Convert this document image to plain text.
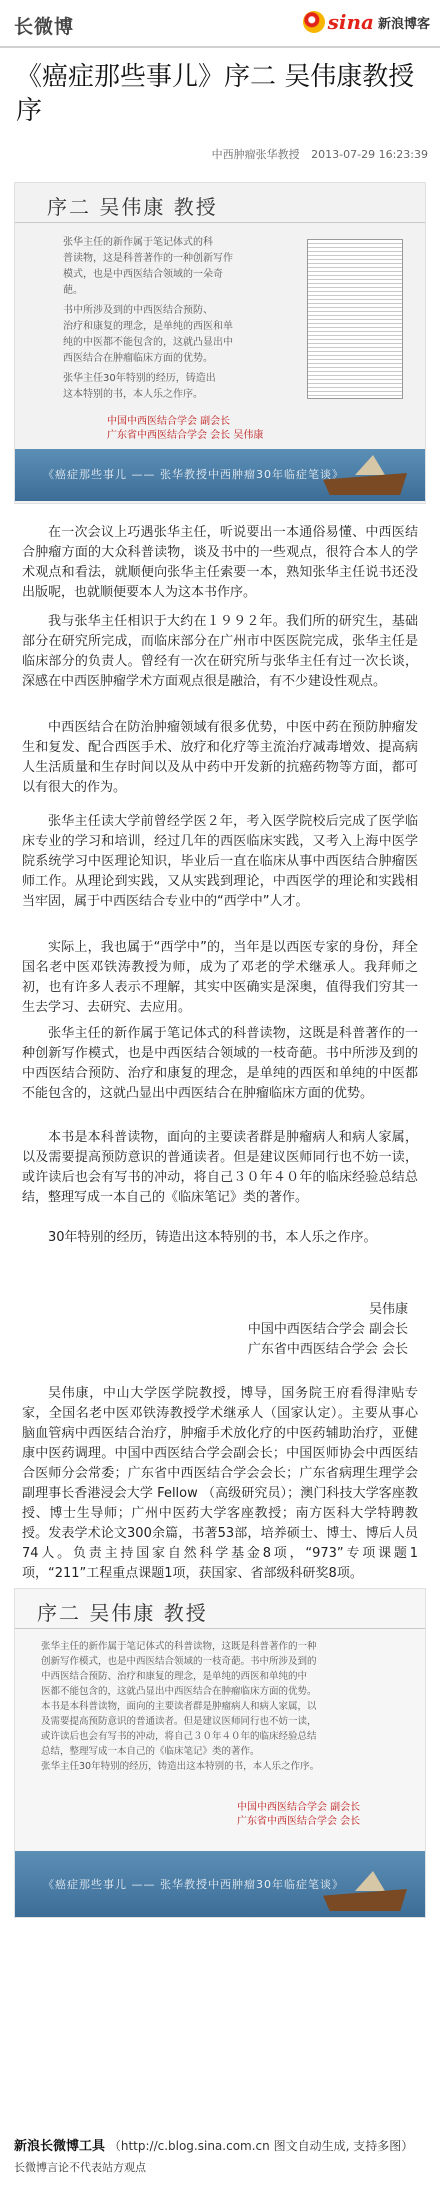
长微博	sina 新浪博客
《癌症那些事儿》序二 吴伟康教授序
中西肿瘤张华教授 2013-07-29 16:23:39
序二 吴伟康 教授
张华主任的新作属于笔记体式的科
普读物，这是科普著作的一种创新写作
模式，也是中西医结合领域的一朵奇
葩。
书中所涉及到的中西医结合预防、
治疗和康复的理念，是单纯的西医和单
纯的中医都不能包含的，这就凸显出中
西医结合在肿瘤临床方面的优势。
张华主任30年特别的经历，铸造出
这本特别的书，本人乐之作序。
中国中西医结合学会 副会长
广东省中西医结合学会 会长 吴伟康
《癌症那些事儿 —— 张华教授中西肿瘤30年临症笔谈》

在一次会议上巧遇张华主任，听说要出一本通俗易懂、中西医结合肿瘤方面的大众科普读物，谈及书中的一些观点，很符合本人的学术观点和看法，就顺便向张华主任索要一本，熟知张华主任说书还没出版呢，也就顺便要本人为这本书作序。

我与张华主任相识于大约在１９９２年。我们所的研究生，基础部分在研究所完成，而临床部分在广州市中医医院完成，张华主任是临床部分的负责人。曾经有一次在研究所与张华主任有过一次长谈，深感在中西医肿瘤学术方面观点很是融洽，有不少建设性观点。

中西医结合在防治肿瘤领域有很多优势，中医中药在预防肿瘤发生和复发、配合西医手术、放疗和化疗等主流治疗减毒增效、提高病人生活质量和生存时间以及从中药中开发新的抗癌药物等方面，都可以有很大的作为。

张华主任读大学前曾经学医２年，考入医学院校后完成了医学临床专业的学习和培训，经过几年的西医临床实践，又考入上海中医学院系统学习中医理论知识，毕业后一直在临床从事中西医结合肿瘤医师工作。从理论到实践，又从实践到理论，中西医学的理论和实践相当牢固，属于中西医结合专业中的“西学中”人才。

实际上，我也属于“西学中”的，当年是以西医专家的身份，拜全国名老中医邓铁涛教授为师，成为了邓老的学术继承人。我拜师之初，也有许多人表示不理解，其实中医确实是深奥，值得我们穷其一生去学习、去研究、去应用。

张华主任的新作属于笔记体式的科普读物，这既是科普著作的一种创新写作模式，也是中西医结合领域的一枝奇葩。书中所涉及到的中西医结合预防、治疗和康复的理念，是单纯的西医和单纯的中医都不能包含的，这就凸显出中西医结合在肿瘤临床方面的优势。

本书是本科普读物，面向的主要读者群是肿瘤病人和病人家属，以及需要提高预防意识的普通读者。但是建议医师同行也不妨一读，或许读后也会有写书的冲动，将自己３０年４０年的临床经验总结总结，整理写成一本自己的《临床笔记》类的著作。

30年特别的经历，铸造出这本特别的书，本人乐之作序。

吴伟康
中国中西医结合学会 副会长
广东省中西医结合学会 会长

吴伟康，中山大学医学院教授，博导，国务院王府看得津贴专家，全国名老中医邓铁涛教授学术继承人（国家认定）。主要从事心脑血管病中西医结合治疗，肿瘤手术放化疗的中医药辅助治疗，亚健康中医药调理。中国中西医结合学会副会长；中国医师协会中西医结合医师分会常委；广东省中西医结合学会会长；广东省病理生理学会副理事长香港浸会大学 Fellow （高级研究员）；澳门科技大学客座教授、博士生导师；广州中医药大学客座教授；南方医科大学特聘教授。发表学术论文300余篇，书著53部，培养硕士、博士、博后人员74人。负责主持国家自然科学基金8项，“973”专项课题1项，“211”工程重点课题1项，获国家、省部级科研奖8项。

序二 吴伟康 教授
张华主任的新作属于笔记体式的科普读物，这既是科普著作的一种
创新写作模式，也是中西医结合领域的一枝奇葩。书中所涉及到的
中西医结合预防、治疗和康复的理念，是单纯的西医和单纯的中
医都不能包含的，这就凸显出中西医结合在肿瘤临床方面的优势。
本书是本科普读物，面向的主要读者群是肿瘤病人和病人家属，以
及需要提高预防意识的普通读者。但是建议医师同行也不妨一读，
或许读后也会有写书的冲动，将自己３０年４０年的临床经验总结
总结，整理写成一本自己的《临床笔记》类的著作。
张华主任30年特别的经历，铸造出这本特别的书，本人乐之作序。
中国中西医结合学会 副会长
广东省中西医结合学会 会长
《癌症那些事儿 —— 张华教授中西肿瘤30年临症笔谈》
新浪长微博工具 （http://c.blog.sina.com.cn 图文自动生成, 支持多图）
长微博言论不代表站方观点
